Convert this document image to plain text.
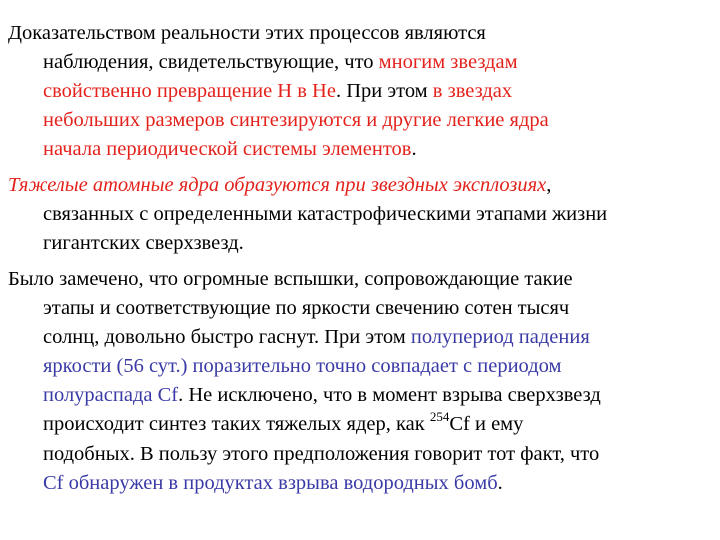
Доказательством реальности этих процессов являются
наблюдения, свидетельствующие, что многим звездам
свойственно превращение Н в Не. При этом в звездах
небольших размеров синтезируются и другие легкие ядра
начала периодической системы элементов.

Тяжелые атомные ядра образуются при звездных эксплозиях,
связанных с определенными катастрофическими этапами жизни
гигантских сверхзвезд.

Было замечено, что огромные вспышки, сопровождающие такие
этапы и соответствующие по яркости свечению сотен тысяч
солнц, довольно быстро гаснут. При этом полупериод падения
яркости (56 сут.) поразительно точно совпадает с периодом
полураспада Cf. Не исключено, что в момент взрыва сверхзвезд
происходит синтез таких тяжелых ядер, как $^{254}$Cf и ему
подобных. В пользу этого предположения говорит тот факт, что
Cf обнаружен в продуктах взрыва водородных бомб.
